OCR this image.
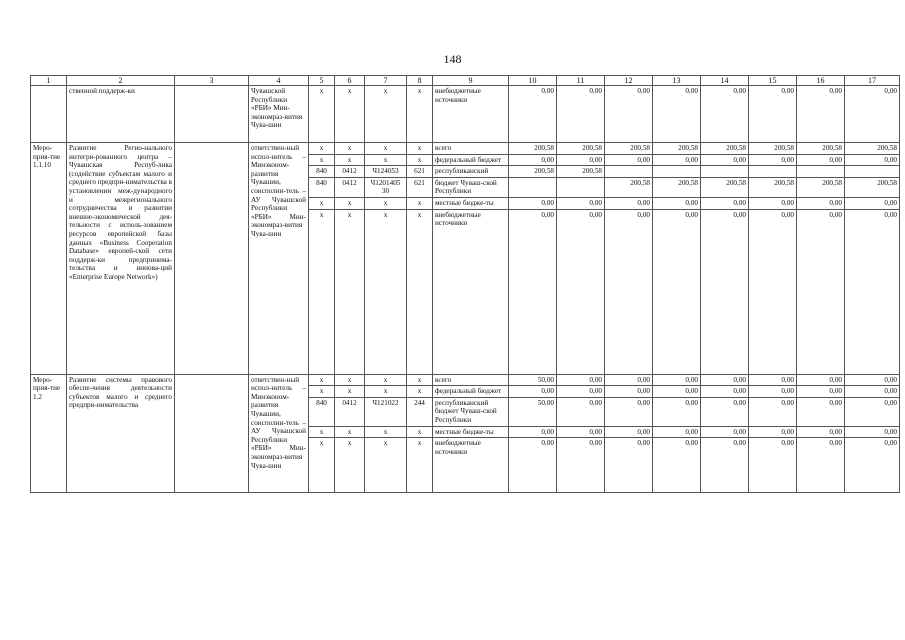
148
1	2	3	4	5	6	7	8	9	10	11	12	13	14	15	16	17
	ственной поддерж-ки		Чувашской Республики «РБИ» Мин-экономраз-вития Чува-шии	x	x	x	x	внебюджетные источники	0,00	0,00	0,00	0,00	0,00	0,00	0,00	0,00
Меро-прия-тие 1.1.10	Развитие Регио-нального интегри-рованного центра – Чувашская Респуб-лика (содействие субъектам малого и среднего предпри-нимательства в установлении меж-дународного и межрегионального сотрудничества и развитии внешне-экономической дея-тельности с исполь-зованием ресурсов европейской базы данных «Business Cooperation Database» европей-ской сети поддерж-ки предпринима-тельства и иннова-ций «Enterprise Europe Network»)		ответствен-ный испол-нитель – Минэконом-развития Чувашии, соисполни-тель – АУ Чувашской Республики «РБИ» Мин-экономраз-вития Чува-шии	x	x	x	x	всего	200,58	200,58	200,58	200,58	200,58	200,58	200,58	200,58
				x	x	x	x	федеральный бюджет	0,00	0,00	0,00	0,00	0,00	0,00	0,00	0,00
				840	0412	Ч124053	621	республиканский	200,58	200,58						
				840	0412	Ч1201405 30	621	бюджет Чуваш-ской Республики			200,58	200,58	200,58	200,58	200,58	200,58
				x	x	x	x	местные бюдже-ты	0,00	0,00	0,00	0,00	0,00	0,00	0,00	0,00
				x	x	x	x	внебюджетные источники	0,00	0,00	0,00	0,00	0,00	0,00	0,00	0,00
Меро-прия-тие 1.2	Развитие системы правового обеспе-чения деятельности субъектов малого и среднего предпри-нимательства		ответствен-ный испол-нитель – Минэконом-развития Чувашии, соисполни-тель – АУ Чувашской Республики «РБИ» Мин-экономраз-вития Чува-шии	x	x	x	x	всего	50,00	0,00	0,00	0,00	0,00	0,00	0,00	0,00
				x	x	x	x	федеральный бюджет	0,00	0,00	0,00	0,00	0,00	0,00	0,00	0,00
				840	0412	Ч121022	244	республиканский бюджет Чуваш-ской Республики	50,00	0,00	0,00	0,00	0,00	0,00	0,00	0,00
				x	x	x	x	местные бюдже-ты	0,00	0,00	0,00	0,00	0,00	0,00	0,00	0,00
				x	x	x	x	внебюджетные источники	0,00	0,00	0,00	0,00	0,00	0,00	0,00	0,00
